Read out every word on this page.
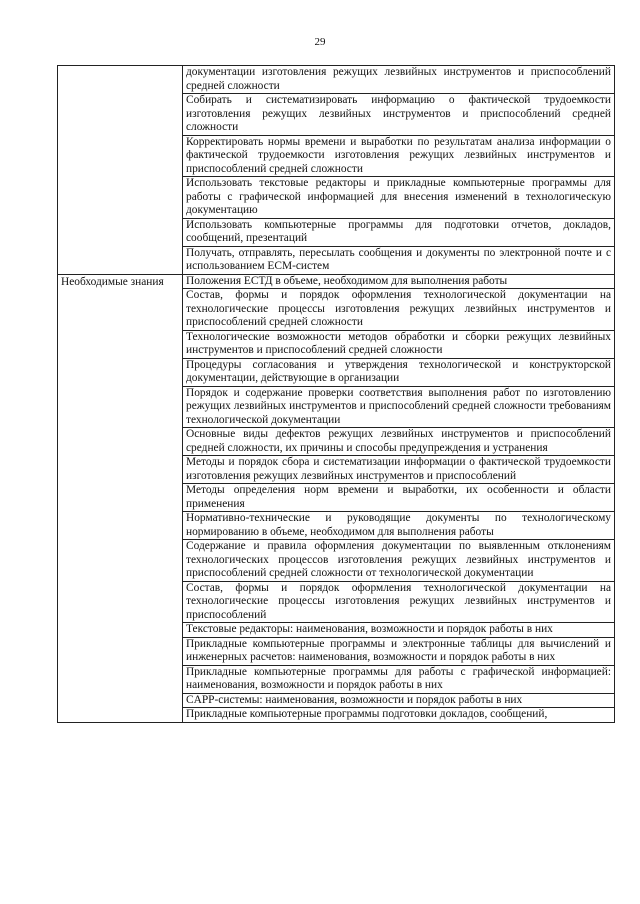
29
	документации изготовления режущих лезвийных инструментов и приспособлений средней сложности
	Собирать и систематизировать информацию о фактической трудоемкости изготовления режущих лезвийных инструментов и приспособлений средней сложности
	Корректировать нормы времени и выработки по результатам анализа информации о фактической трудоемкости изготовления режущих лезвийных инструментов и приспособлений средней сложности
	Использовать текстовые редакторы и прикладные компьютерные программы для работы с графической информацией для внесения изменений в технологическую документацию
	Использовать компьютерные программы для подготовки отчетов, докладов, сообщений, презентаций
	Получать, отправлять, пересылать сообщения и документы по электронной почте и с использованием ECM-систем

Необходимые знания	Положения ЕСТД в объеме, необходимом для выполнения работы
	Состав, формы и порядок оформления технологической документации на технологические процессы изготовления режущих лезвийных инструментов и приспособлений средней сложности
	Технологические возможности методов обработки и сборки режущих лезвийных инструментов и приспособлений средней сложности
	Процедуры согласования и утверждения технологической и конструкторской документации, действующие в организации
	Порядок и содержание проверки соответствия выполнения работ по изготовлению режущих лезвийных инструментов и приспособлений средней сложности требованиям технологической документации
	Основные виды дефектов режущих лезвийных инструментов и приспособлений средней сложности, их причины и способы предупреждения и устранения
	Методы и порядок сбора и систематизации информации о фактической трудоемкости изготовления режущих лезвийных инструментов и приспособлений
	Методы определения норм времени и выработки, их особенности и области применения
	Нормативно-технические и руководящие документы по технологическому нормированию в объеме, необходимом для выполнения работы
	Содержание и правила оформления документации по выявленным отклонениям технологических процессов изготовления режущих лезвийных инструментов и приспособлений средней сложности от технологической документации
	Состав, формы и порядок оформления технологической документации на технологические процессы изготовления режущих лезвийных инструментов и приспособлений
	Текстовые редакторы: наименования, возможности и порядок работы в них
	Прикладные компьютерные программы и электронные таблицы для вычислений и инженерных расчетов: наименования, возможности и порядок работы в них
	Прикладные компьютерные программы для работы с графической информацией: наименования, возможности и порядок работы в них
	CAPP-системы: наименования, возможности и порядок работы в них
	Прикладные компьютерные программы подготовки докладов, сообщений,
